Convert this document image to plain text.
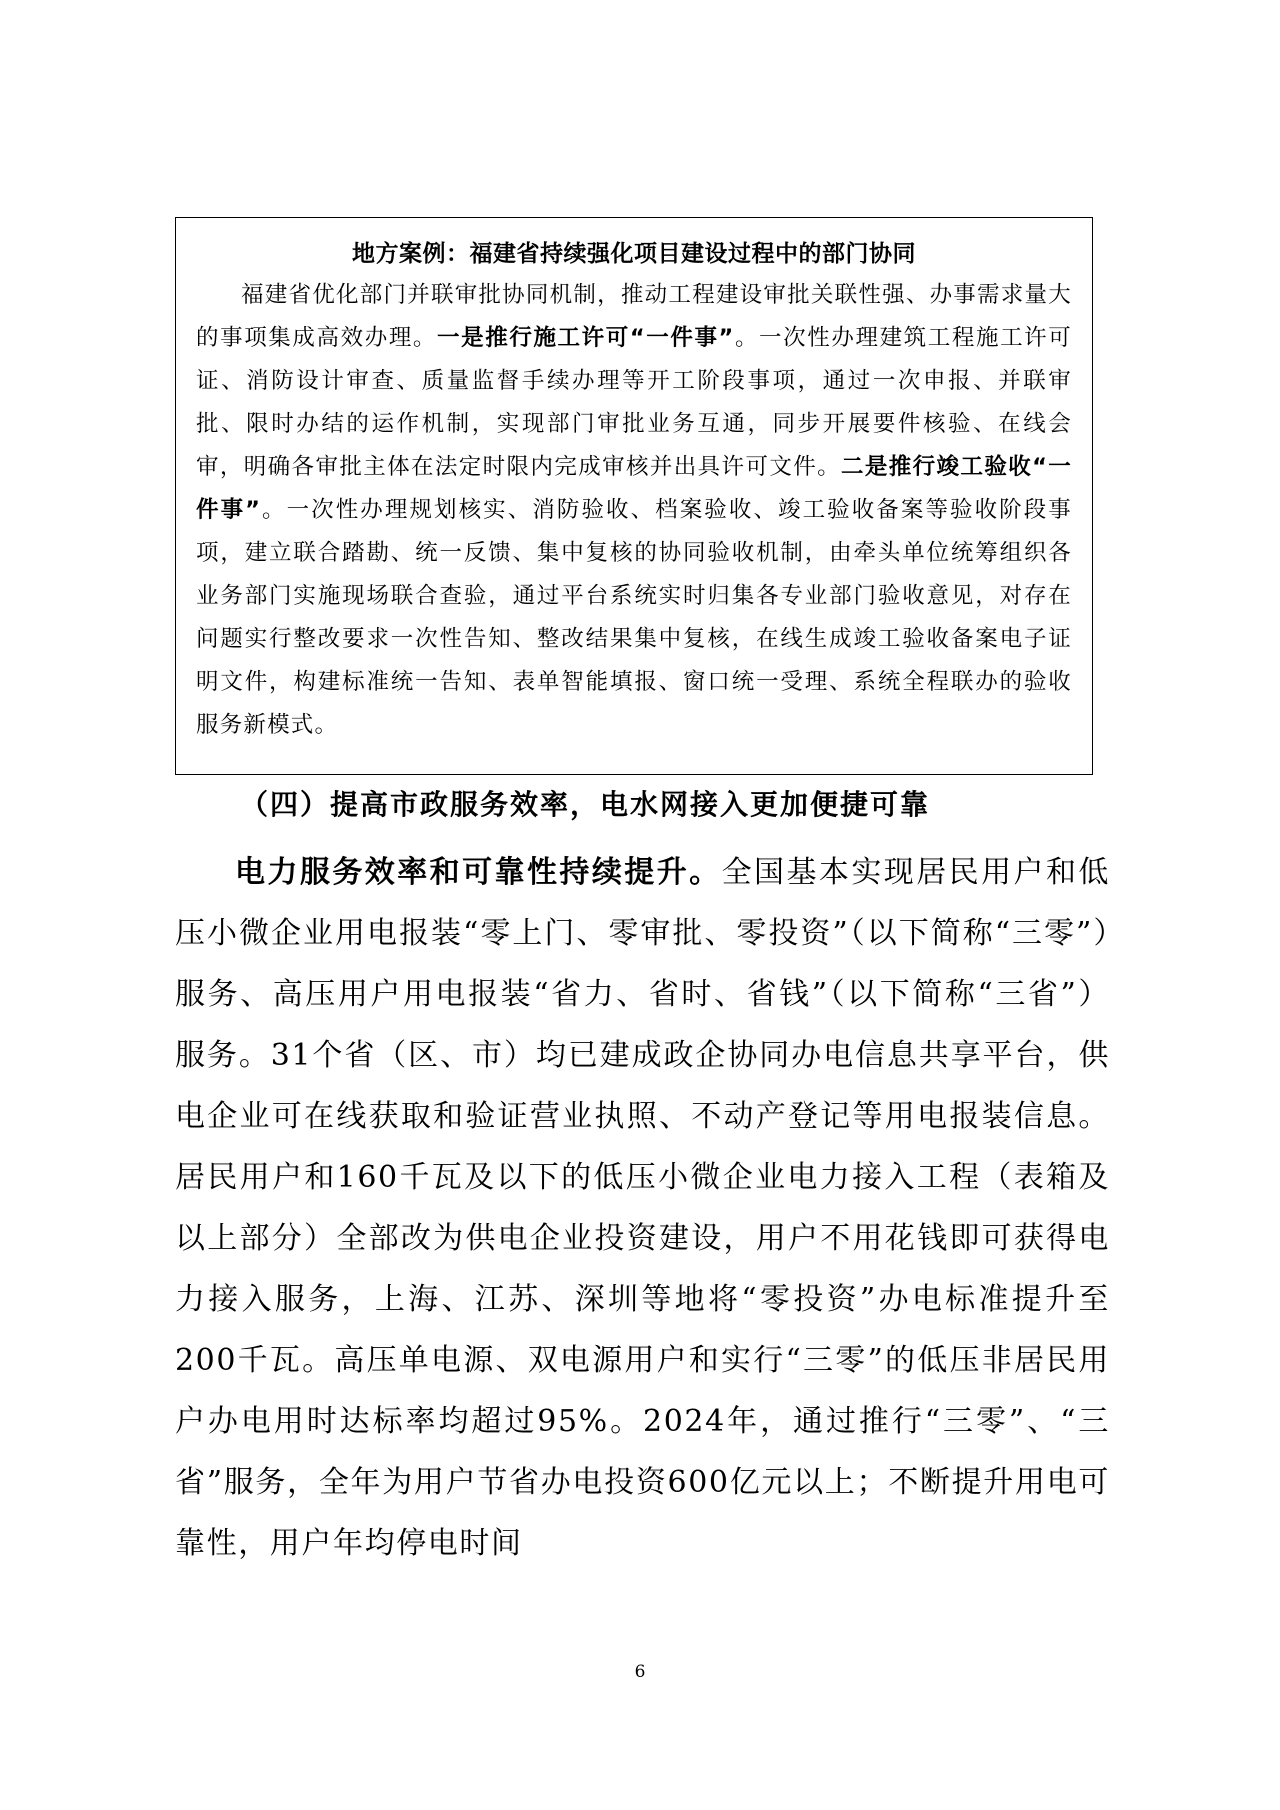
地方案例：福建省持续强化项目建设过程中的部门协同

福建省优化部门并联审批协同机制，推动工程建设审批关联性强、办事需求量大的事项集成高效办理。一是推行施工许可“一件事”。一次性办理建筑工程施工许可证、消防设计审查、质量监督手续办理等开工阶段事项，通过一次申报、并联审批、限时办结的运作机制，实现部门审批业务互通，同步开展要件核验、在线会审，明确各审批主体在法定时限内完成审核并出具许可文件。二是推行竣工验收“一件事”。一次性办理规划核实、消防验收、档案验收、竣工验收备案等验收阶段事项，建立联合踏勘、统一反馈、集中复核的协同验收机制，由牵头单位统筹组织各业务部门实施现场联合查验，通过平台系统实时归集各专业部门验收意见，对存在问题实行整改要求一次性告知、整改结果集中复核，在线生成竣工验收备案电子证明文件，构建标准统一告知、表单智能填报、窗口统一受理、系统全程联办的验收服务新模式。

（四）提高市政服务效率，电水网接入更加便捷可靠

电力服务效率和可靠性持续提升。全国基本实现居民用户和低压小微企业用电报装“零上门、零审批、零投资”（以下简称“三零”）服务、高压用户用电报装“省力、省时、省钱”（以下简称“三省”）服务。31个省（区、市）均已建成政企协同办电信息共享平台，供电企业可在线获取和验证营业执照、不动产登记等用电报装信息。居民用户和160千瓦及以下的低压小微企业电力接入工程（表箱及以上部分）全部改为供电企业投资建设，用户不用花钱即可获得电力接入服务，上海、江苏、深圳等地将“零投资”办电标准提升至200千瓦。高压单电源、双电源用户和实行“三零”的低压非居民用户办电用时达标率均超过95%。2024年，通过推行“三零”、“三省”服务，全年为用户节省办电投资600亿元以上；不断提升用电可靠性，用户年均停电时间

6
